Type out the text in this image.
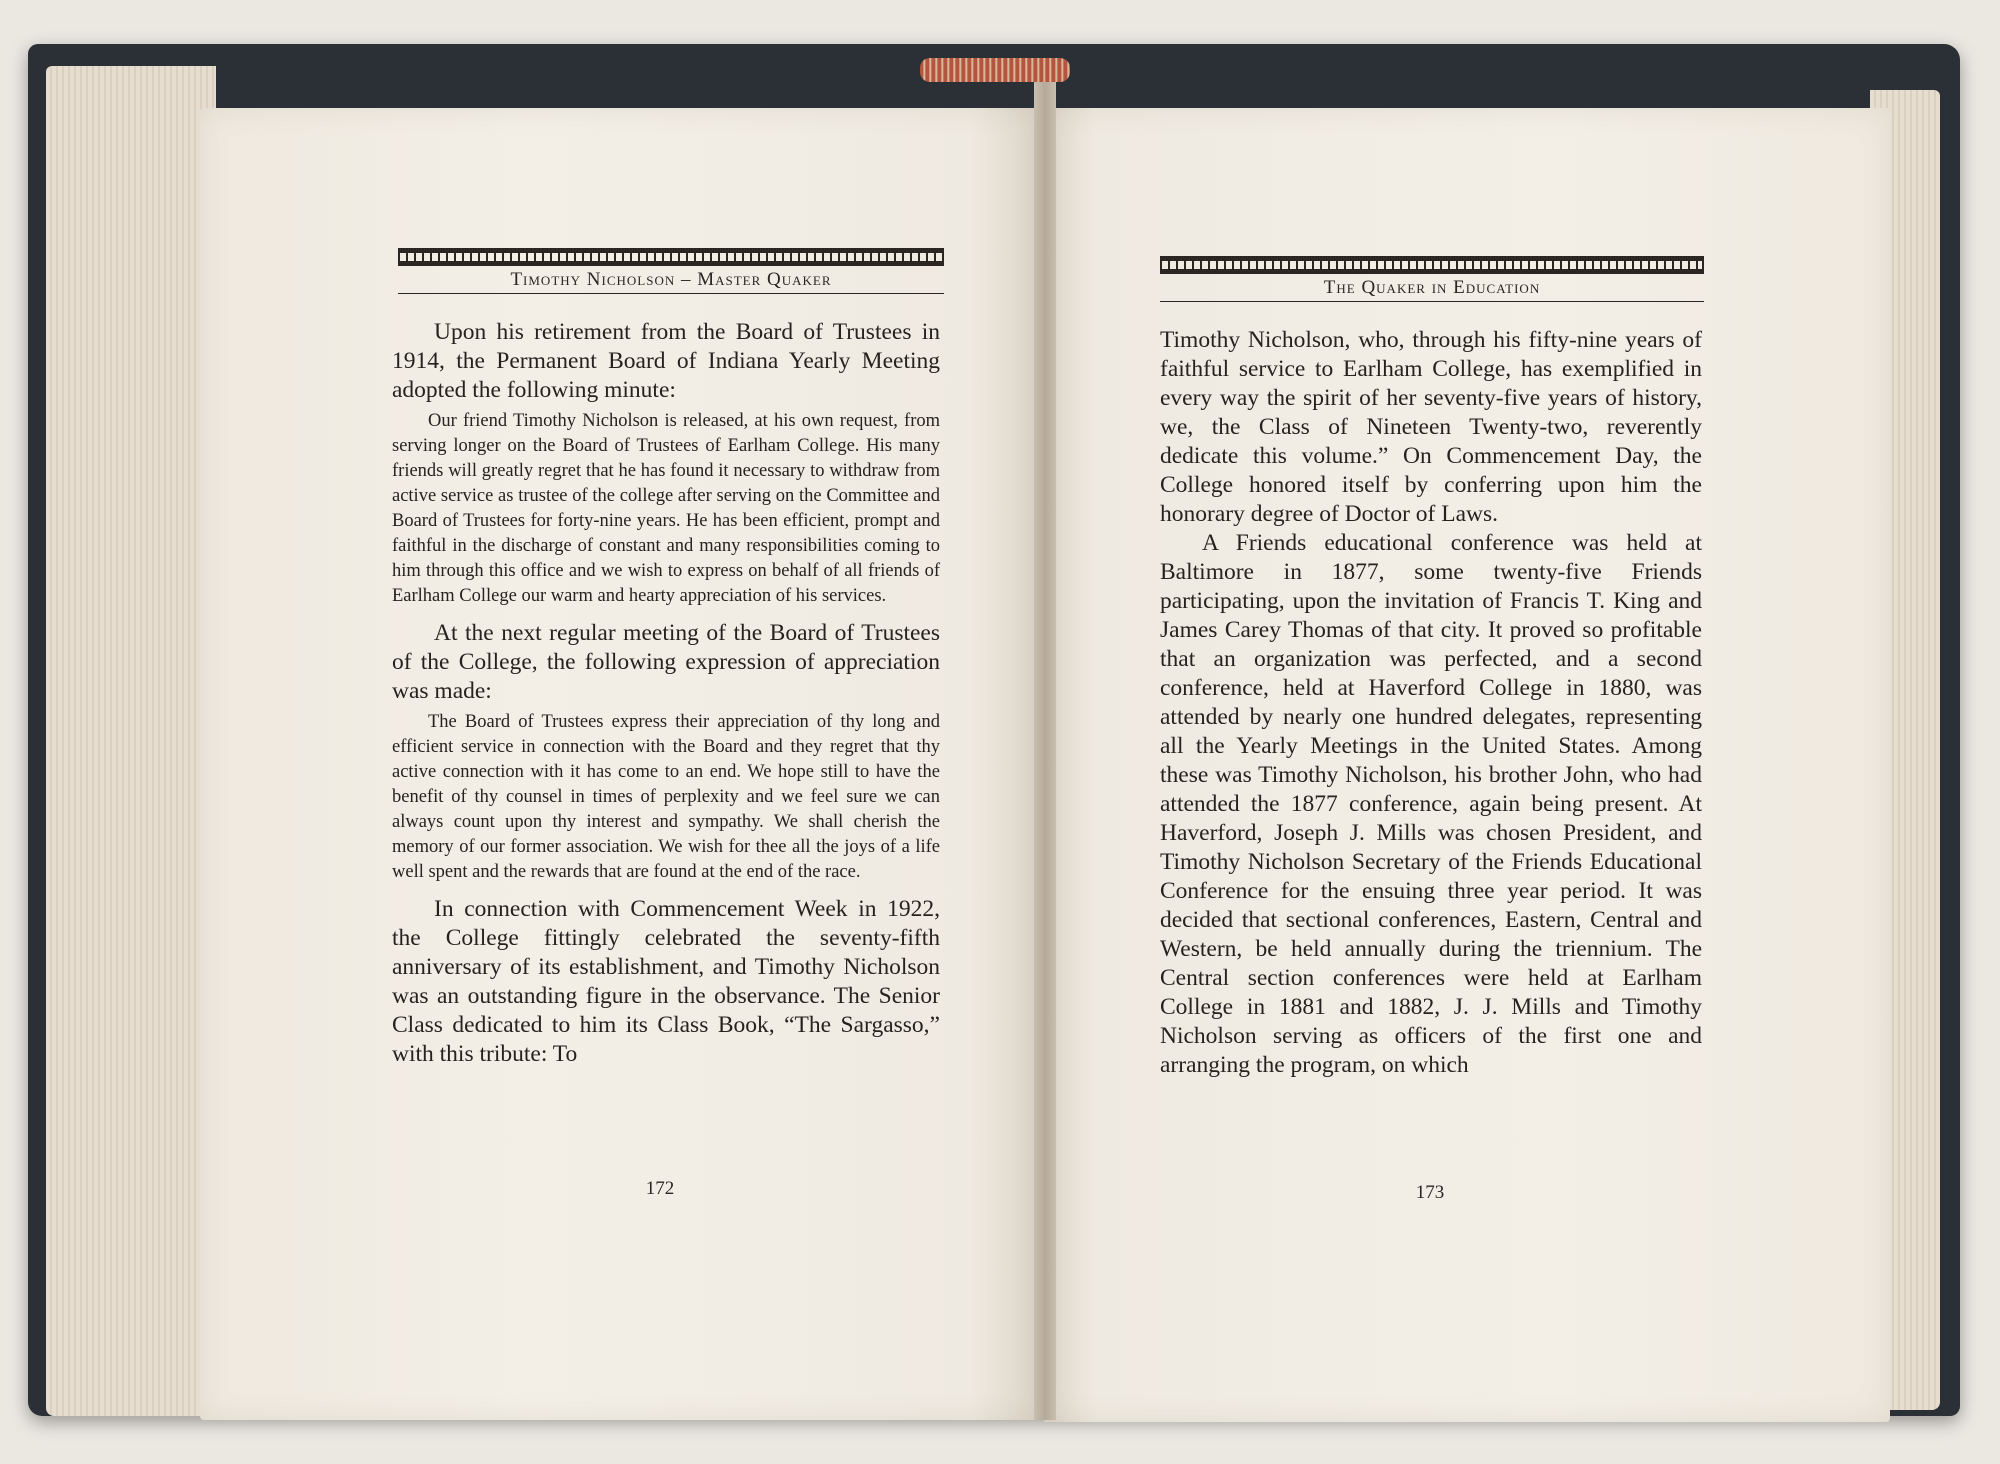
Timothy Nicholson – Master Quaker

Upon his retirement from the Board of Trustees in 1914, the Permanent Board of Indiana Yearly Meeting adopted the following minute:

Our friend Timothy Nicholson is released, at his own request, from serving longer on the Board of Trustees of Earlham College. His many friends will greatly regret that he has found it necessary to withdraw from active service as trustee of the college after serving on the Committee and Board of Trustees for forty-nine years. He has been efficient, prompt and faithful in the discharge of constant and many responsibilities coming to him through this office and we wish to express on behalf of all friends of Earlham College our warm and hearty appreciation of his services.

At the next regular meeting of the Board of Trustees of the College, the following expression of appreciation was made:

The Board of Trustees express their appreciation of thy long and efficient service in connection with the Board and they regret that thy active connection with it has come to an end. We hope still to have the benefit of thy counsel in times of perplexity and we feel sure we can always count upon thy interest and sympathy. We shall cherish the memory of our former association. We wish for thee all the joys of a life well spent and the rewards that are found at the end of the race.

In connection with Commencement Week in 1922, the College fittingly celebrated the seventy-fifth anniversary of its establishment, and Timothy Nicholson was an outstanding figure in the observance. The Senior Class dedicated to him its Class Book, “The Sargasso,” with this tribute: To

172
The Quaker in Education

Timothy Nicholson, who, through his fifty-nine years of faithful service to Earlham College, has exemplified in every way the spirit of her seventy-five years of history, we, the Class of Nineteen Twenty-two, reverently dedicate this volume.” On Commencement Day, the College honored itself by conferring upon him the honorary degree of Doctor of Laws.

A Friends educational conference was held at Baltimore in 1877, some twenty-five Friends participating, upon the invitation of Francis T. King and James Carey Thomas of that city. It proved so profitable that an organization was perfected, and a second conference, held at Haverford College in 1880, was attended by nearly one hundred delegates, representing all the Yearly Meetings in the United States. Among these was Timothy Nicholson, his brother John, who had attended the 1877 conference, again being present. At Haverford, Joseph J. Mills was chosen President, and Timothy Nicholson Secretary of the Friends Educational Conference for the ensuing three year period. It was decided that sectional conferences, Eastern, Central and Western, be held annually during the triennium. The Central section conferences were held at Earlham College in 1881 and 1882, J. J. Mills and Timothy Nicholson serving as officers of the first one and arranging the program, on which

173
